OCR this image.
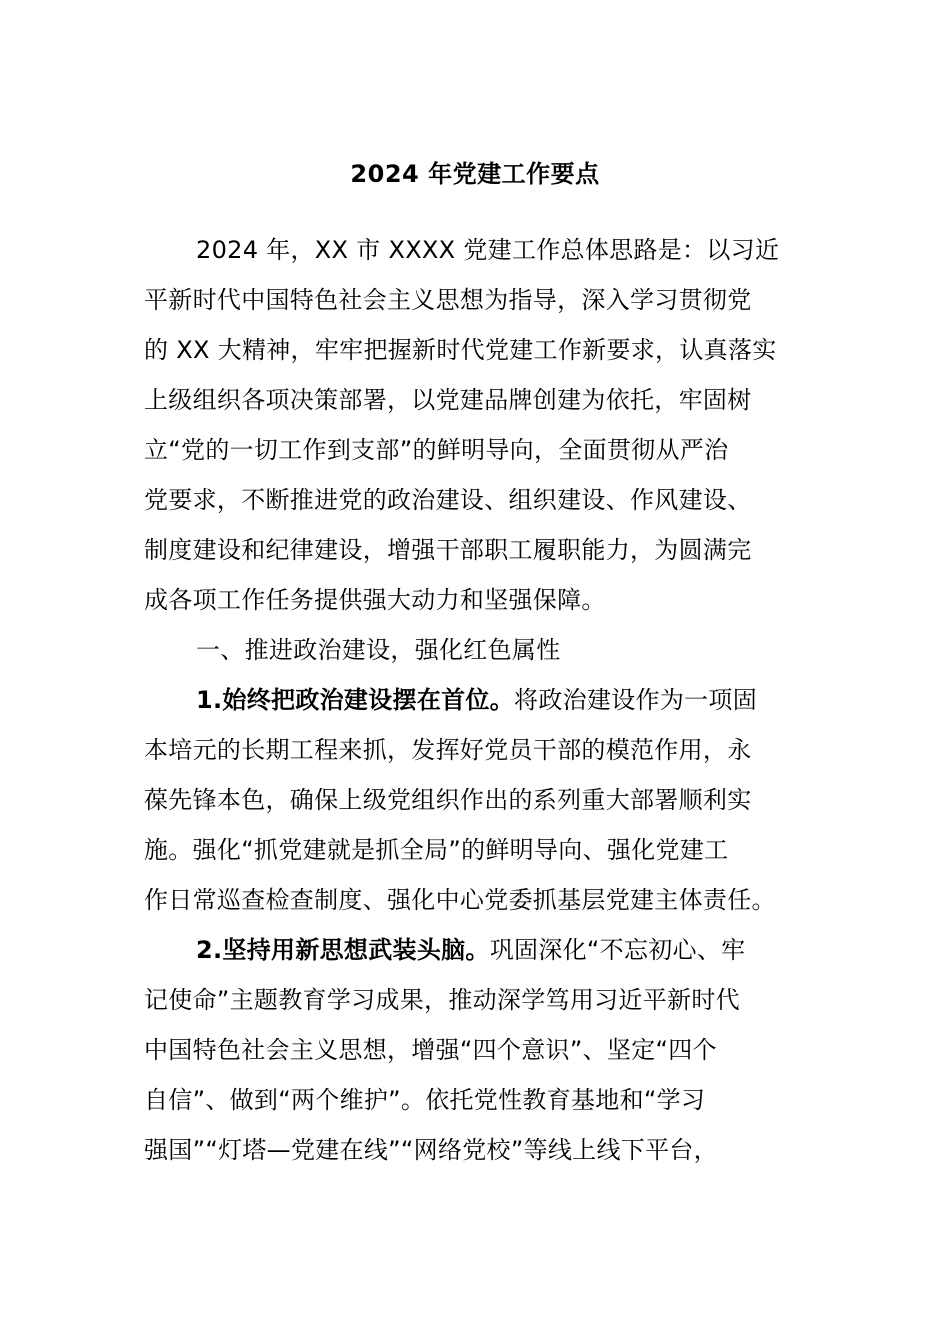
2024 年党建工作要点
2024 年，XX 市 XXXX 党建工作总体思路是：以习近
平新时代中国特色社会主义思想为指导，深入学习贯彻党
的 XX 大精神，牢牢把握新时代党建工作新要求，认真落实
上级组织各项决策部署，以党建品牌创建为依托，牢固树
立“党的一切工作到支部”的鲜明导向，全面贯彻从严治
党要求，不断推进党的政治建设、组织建设、作风建设、
制度建设和纪律建设，增强干部职工履职能力，为圆满完
成各项工作任务提供强大动力和坚强保障。
一、推进政治建设，强化红色属性
1.始终把政治建设摆在首位。将政治建设作为一项固
本培元的长期工程来抓，发挥好党员干部的模范作用，永
葆先锋本色，确保上级党组织作出的系列重大部署顺利实
施。强化“抓党建就是抓全局”的鲜明导向、强化党建工
作日常巡查检查制度、强化中心党委抓基层党建主体责任。
2.坚持用新思想武装头脑。巩固深化“不忘初心、牢
记使命”主题教育学习成果，推动深学笃用习近平新时代
中国特色社会主义思想，增强“四个意识”、坚定“四个
自信”、做到“两个维护”。依托党性教育基地和“学习
强国”“灯塔—党建在线”“网络党校”等线上线下平台，
